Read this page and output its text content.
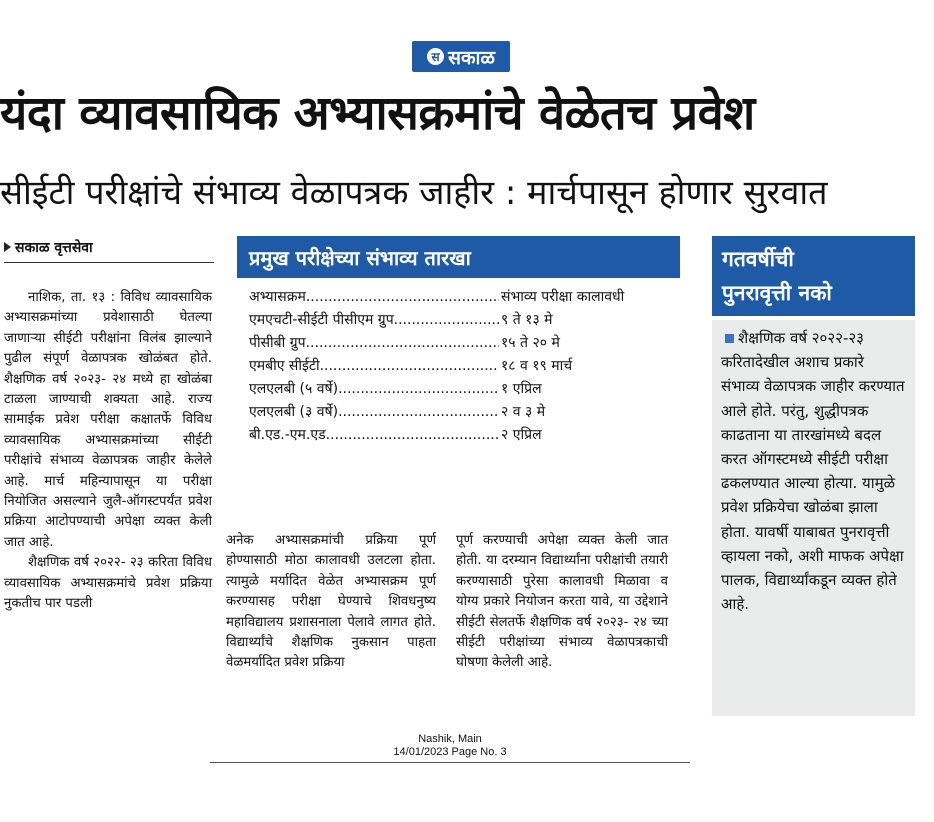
स सकाळ
यंदा व्यावसायिक अभ्यासक्रमांचे वेळेतच प्रवेश
सीईटी परीक्षांचे संभाव्य वेळापत्रक जाहीर : मार्चपासून होणार सुरवात
सकाळ वृत्तसेवा

नाशिक, ता. १३ : विविध व्यावसायिक अभ्यासक्रमांच्या प्रवेशासाठी घेतल्या जाणाऱ्या सीईटी परीक्षांना विलंब झाल्याने पुढील संपूर्ण वेळापत्रक खोळंबत होते. शैक्षणिक वर्ष २०२३- २४ मध्ये हा खोळंबा टाळला जाण्याची शक्यता आहे. राज्य सामाईक प्रवेश परीक्षा कक्षातर्फे विविध व्यावसायिक अभ्यासक्रमांच्या सीईटी परीक्षांचे संभाव्य वेळापत्रक जाहीर केलेले आहे. मार्च महिन्यापासून या परीक्षा नियोजित असल्याने जुलै-ऑगस्टपर्यंत प्रवेश प्रक्रिया आटोपण्याची अपेक्षा व्यक्त केली जात आहे.

शैक्षणिक वर्ष २०२२- २३ करिता विविध व्यावसायिक अभ्यासक्रमांचे प्रवेश प्रक्रिया नुकतीच पार पडली

प्रमुख परीक्षेच्या संभाव्य तारखा
अभ्यासक्रम .....	संभाव्य परीक्षा कालावधी
एमएचटी-सीईटी पीसीएम ग्रुप .....	९ ते १३ मे
पीसीबी ग्रुप .....	१५ ते २० मे
एमबीए सीईटी .....	१८ व १९ मार्च
एलएलबी (५ वर्षे) .....	१ एप्रिल
एलएलबी (३ वर्षे) .....	२ व ३ मे
बी.एड.-एम.एड. .....	२ एप्रिल

अनेक अभ्यासक्रमांची प्रक्रिया पूर्ण होण्यासाठी मोठा कालावधी उलटला होता. त्यामुळे मर्यादित वेळेत अभ्यासक्रम पूर्ण करण्यासह परीक्षा घेण्याचे शिवधनुष्य महाविद्यालय प्रशासनाला पेलावे लागत होते. विद्यार्थ्यांचे शैक्षणिक नुकसान पाहता वेळमर्यादित प्रवेश प्रक्रिया

पूर्ण करण्याची अपेक्षा व्यक्त केली जात होती. या दरम्यान विद्यार्थ्यांना परीक्षांची तयारी करण्यासाठी पुरेसा कालावधी मिळावा व योग्य प्रकारे नियोजन करता यावे, या उद्देशाने सीईटी सेलतर्फे शैक्षणिक वर्ष २०२३- २४ च्या सीईटी परीक्षांच्या संभाव्य वेळापत्रकाची घोषणा केलेली आहे.

गतवर्षीची
पुनरावृत्ती नको
शैक्षणिक वर्ष २०२२-२३ करितादेखील अशाच प्रकारे संभाव्य वेळापत्रक जाहीर करण्यात आले होते. परंतु, शुद्धीपत्रक काढताना या तारखांमध्ये बदल करत ऑगस्टमध्ये सीईटी परीक्षा ढकलण्यात आल्या होत्या. यामुळे प्रवेश प्रक्रियेचा खोळंबा झाला होता. यावर्षी याबाबत पुनरावृत्ती व्हायला नको, अशी माफक अपेक्षा पालक, विद्यार्थ्यांकडून व्यक्त होते आहे.
Nashik, Main
14/01/2023 Page No. 3
